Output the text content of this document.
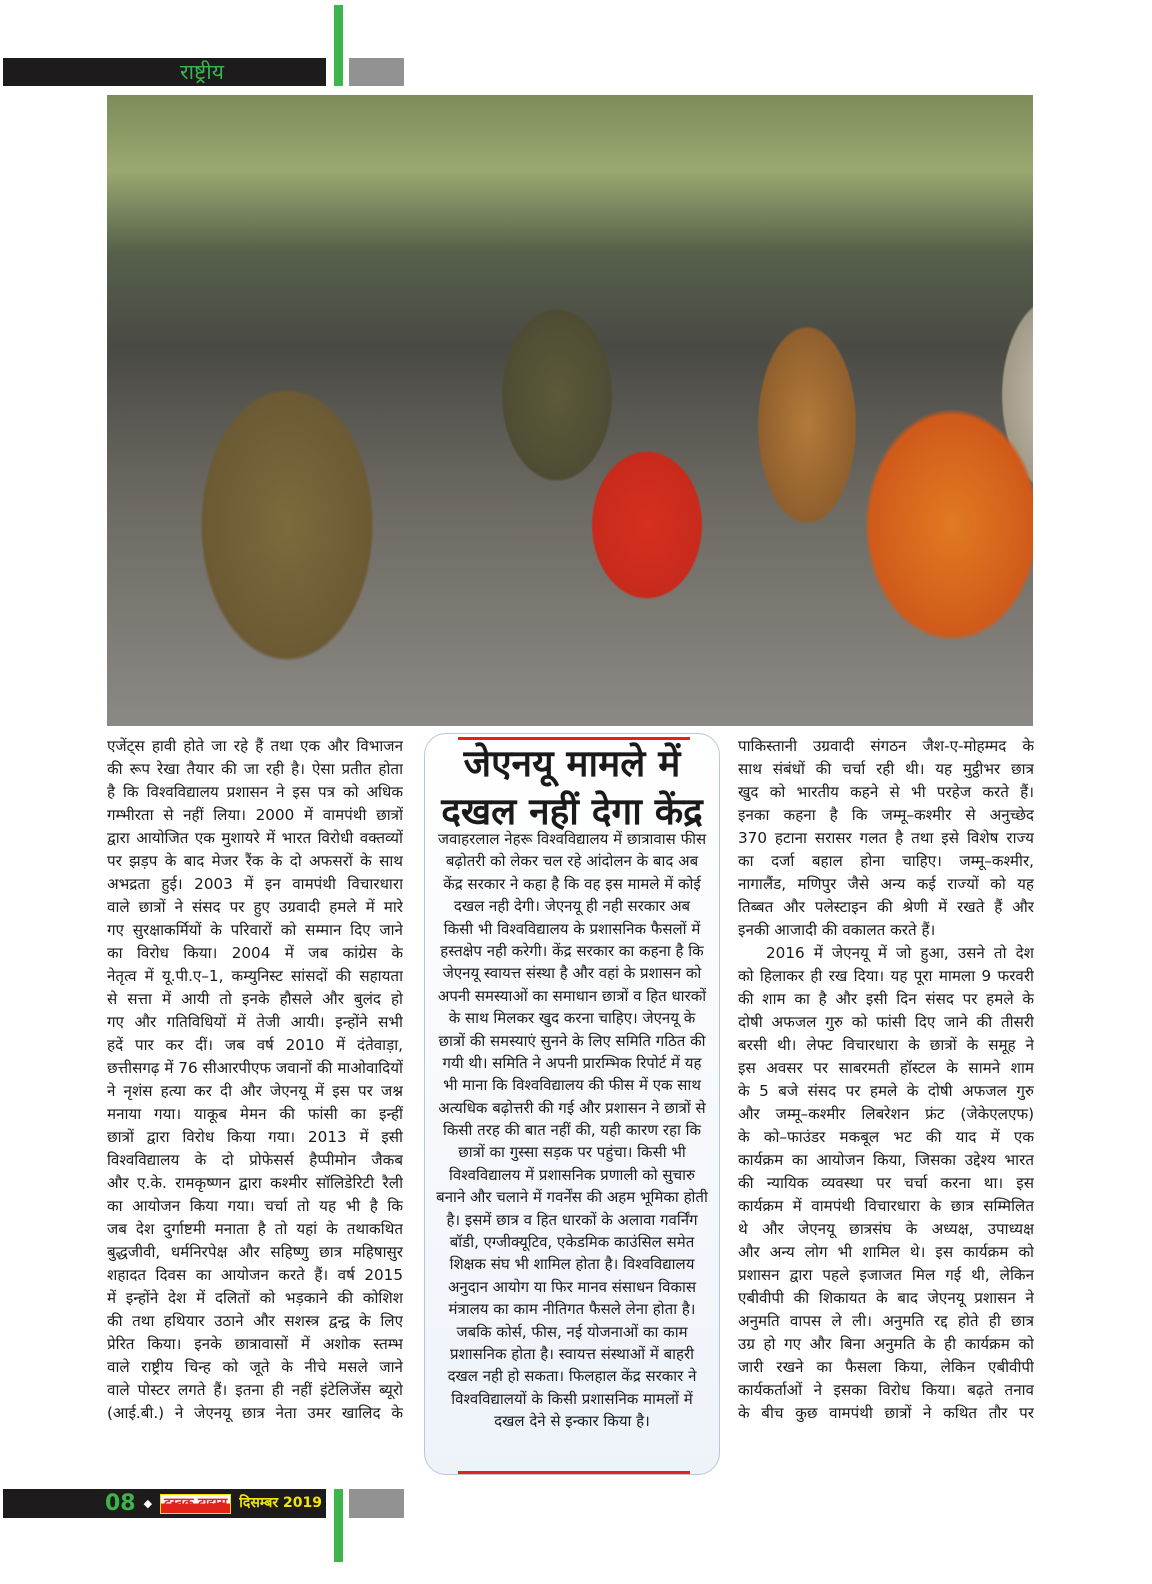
राष्ट्रीय
एजेंट्स हावी होते जा रहे हैं तथा एक और विभाजन
की रूप रेखा तैयार की जा रही है। ऐसा प्रतीत होता
है कि विश्वविद्यालय प्रशासन ने इस पत्र को अधिक
गम्भीरता से नहीं लिया। 2000 में वामपंथी छात्रों
द्वारा आयोजित एक मुशायरे में भारत विरोधी वक्तव्यों
पर झड़प के बाद मेजर रैंक के दो अफसरों के साथ
अभद्रता हुई। 2003 में इन वामपंथी विचारधारा
वाले छात्रों ने संसद पर हुए उग्रवादी हमले में मारे
गए सुरक्षाकर्मियों के परिवारों को सम्मान दिए जाने
का विरोध किया। 2004 में जब कांग्रेस के
नेतृत्व में यू.पी.ए–1, कम्युनिस्ट सांसदों की सहायता
से सत्ता में आयी तो इनके हौसले और बुलंद हो
गए और गतिविधियों में तेजी आयी। इन्होंने सभी
हदें पार कर दीं। जब वर्ष 2010 में दंतेवाड़ा,
छत्तीसगढ़ में 76 सीआरपीएफ जवानों की माओवादियों
ने नृशंस हत्या कर दी और जेएनयू में इस पर जश्न
मनाया गया। याकूब मेमन की फांसी का इन्हीं
छात्रों द्वारा विरोध किया गया। 2013 में इसी
विश्वविद्यालय के दो प्रोफेसर्स हैप्पीमोन जैकब
और ए.के. रामकृष्णन द्वारा कश्मीर सॉलिडेरिटी रैली
का आयोजन किया गया। चर्चा तो यह भी है कि
जब देश दुर्गाष्टमी मनाता है तो यहां के तथाकथित
बुद्धजीवी, धर्मनिरपेक्ष और सहिष्णु छात्र महिषासुर
शहादत दिवस का आयोजन करते हैं। वर्ष 2015
में इन्होंने देश में दलितों को भड़काने की कोशिश
की तथा हथियार उठाने और सशस्त्र द्वन्द्व के लिए
प्रेरित किया। इनके छात्रावासों में अशोक स्तम्भ
वाले राष्ट्रीय चिन्ह को जूते के नीचे मसले जाने
वाले पोस्टर लगते हैं। इतना ही नहीं इंटेलिजेंस ब्यूरो
(आई.बी.) ने जेएनयू छात्र नेता उमर खालिद के
जेएनयू मामले में
दखल नहीं देगा केंद्र
जवाहरलाल नेहरू विश्वविद्यालय में छात्रावास फीस
बढ़ोतरी को लेकर चल रहे आंदोलन के बाद अब
केंद्र सरकार ने कहा है कि वह इस मामले में कोई
दखल नही देगी। जेएनयू ही नही सरकार अब
किसी भी विश्वविद्यालय के प्रशासनिक फैसलों में
हस्तक्षेप नही करेगी। केंद्र सरकार का कहना है कि
जेएनयू स्वायत्त संस्था है और वहां के प्रशासन को
अपनी समस्याओं का समाधान छात्रों व हित धारकों
के साथ मिलकर खुद करना चाहिए। जेएनयू के
छात्रों की समस्याएं सुनने के लिए समिति गठित की
गयी थी। समिति ने अपनी प्रारम्भिक रिपोर्ट में यह
भी माना कि विश्वविद्यालय की फीस में एक साथ
अत्यधिक बढ़ोत्तरी की गई और प्रशासन ने छात्रों से
किसी तरह की बात नहीं की, यही कारण रहा कि
छात्रों का गुस्सा सड़क पर पहुंचा। किसी भी
विश्वविद्यालय में प्रशासनिक प्रणाली को सुचारु
बनाने और चलाने में गवर्नेंस की अहम भूमिका होती
है। इसमें छात्र व हित धारकों के अलावा गवर्निंग
बॉडी, एग्जीक्यूटिव, एकेडमिक काउंसिल समेत
शिक्षक संघ भी शामिल होता है। विश्वविद्यालय
अनुदान आयोग या फिर मानव संसाधन विकास
मंत्रालय का काम नीतिगत फैसले लेना होता है।
जबकि कोर्स, फीस, नई योजनाओं का काम
प्रशासनिक होता है। स्वायत्त संस्थाओं में बाहरी
दखल नही हो सकता। फिलहाल केंद्र सरकार ने
विश्वविद्यालयों के किसी प्रशासनिक मामलों में
दखल देने से इन्कार किया है।
पाकिस्तानी उग्रवादी संगठन जैश-ए-मोहम्मद के
साथ संबंधों की चर्चा रही थी। यह मुट्ठीभर छात्र
खुद को भारतीय कहने से भी परहेज करते हैं।
इनका कहना है कि जम्मू–कश्मीर से अनुच्छेद
370 हटाना सरासर गलत है तथा इसे विशेष राज्य
का दर्जा बहाल होना चाहिए। जम्मू–कश्मीर,
नागालैंड, मणिपुर जैसे अन्य कई राज्यों को यह
तिब्बत और पलेस्टाइन की श्रेणी में रखते हैं और
इनकी आजादी की वकालत करते हैं।
2016 में जेएनयू में जो हुआ, उसने तो देश
को हिलाकर ही रख दिया। यह पूरा मामला 9 फरवरी
की शाम का है और इसी दिन संसद पर हमले के
दोषी अफजल गुरु को फांसी दिए जाने की तीसरी
बरसी थी। लेफ्ट विचारधारा के छात्रों के समूह ने
इस अवसर पर साबरमती हॉस्टल के सामने शाम
के 5 बजे संसद पर हमले के दोषी अफजल गुरु
और जम्मू–कश्मीर लिबरेशन फ्रंट (जेकेएलएफ)
के को–फाउंडर मकबूल भट की याद में एक
कार्यक्रम का आयोजन किया, जिसका उद्देश्य भारत
की न्यायिक व्यवस्था पर चर्चा करना था। इस
कार्यक्रम में वामपंथी विचारधारा के छात्र सम्मिलित
थे और जेएनयू छात्रसंघ के अध्यक्ष, उपाध्यक्ष
और अन्य लोग भी शामिल थे। इस कार्यक्रम को
प्रशासन द्वारा पहले इजाजत मिल गई थी, लेकिन
एबीवीपी की शिकायत के बाद जेएनयू प्रशासन ने
अनुमति वापस ले ली। अनुमति रद्द होते ही छात्र
उग्र हो गए और बिना अनुमति के ही कार्यक्रम को
जारी रखने का फैसला किया, लेकिन एबीवीपी
कार्यकर्ताओं ने इसका विरोध किया। बढ़ते तनाव
के बीच कुछ वामपंथी छात्रों ने कथित तौर पर
08 ◆ दस्तक टाइम्स दिसम्बर 2019
